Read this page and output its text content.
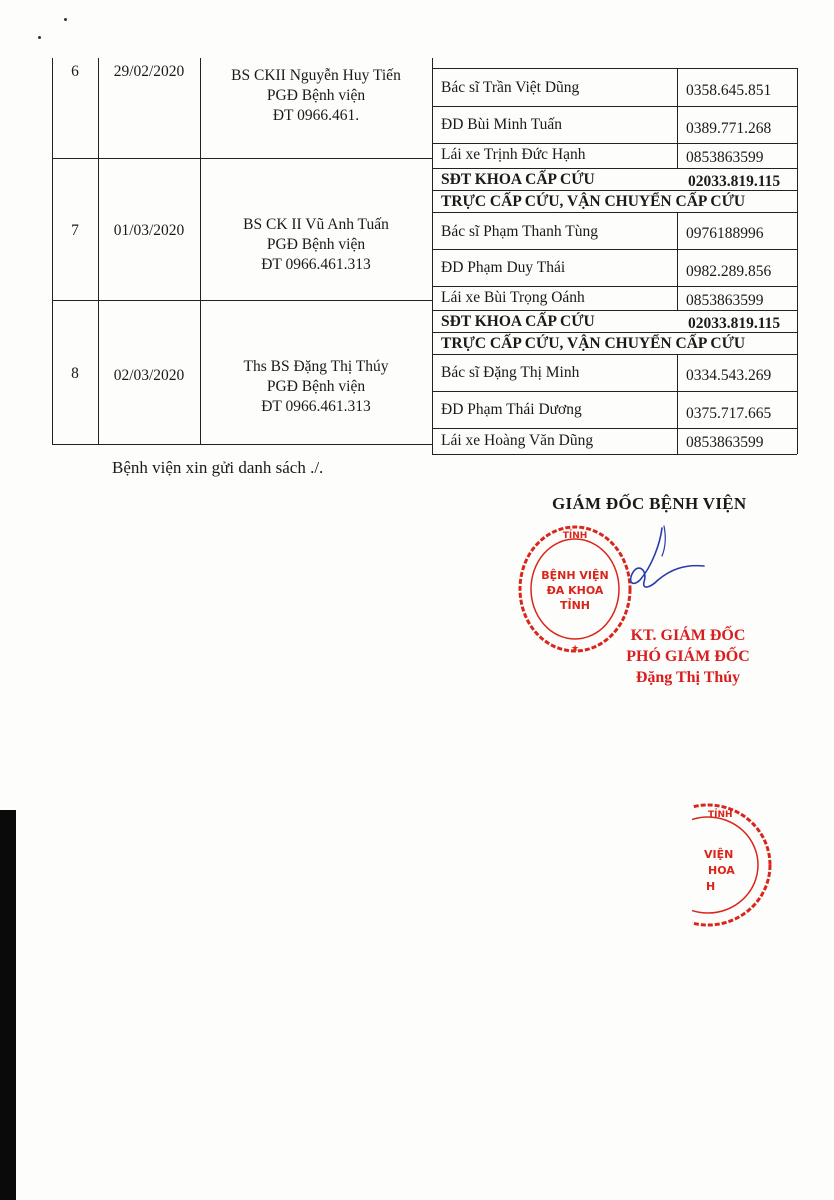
6	29/02/2020	BS CKII Nguyễn Huy Tiến
PGĐ Bệnh viện
ĐT 0966.461.
Bác sĩ Trần Việt Dũng	0358.645.851
ĐD Bùi Minh Tuấn	0389.771.268
Lái xe Trịnh Đức Hạnh	0853863599
7	01/03/2020	BS CK II Vũ Anh Tuấn
PGĐ Bệnh viện
ĐT 0966.461.313
SĐT KHOA CẤP CỨU	02033.819.115
TRỰC CẤP CỨU, VẬN CHUYỂN CẤP CỨU
Bác sĩ Phạm Thanh Tùng	0976188996
ĐD Phạm Duy Thái	0982.289.856
Lái xe Bùi Trọng Oánh	0853863599
8	02/03/2020
Ths BS Đặng Thị Thúy
PGĐ Bệnh viện
ĐT 0966.461.313
SĐT KHOA CẤP CỨU	02033.819.115
TRỰC CẤP CỨU, VẬN CHUYỂN CẤP CỨU
Bác sĩ Đặng Thị Minh	0334.543.269
ĐD Phạm Thái Dương	0375.717.665
Lái xe Hoàng Văn Dũng	0853863599
Bệnh viện xin gửi danh sách ./.
GIÁM ĐỐC BỆNH VIỆN
★
TỈNH
BỆNH VIỆN
ĐA KHOA
TỈNH
KT. GIÁM ĐỐC
PHÓ GIÁM ĐỐC
Đặng Thị Thúy
TỈNH
VIỆN
HOA
H
